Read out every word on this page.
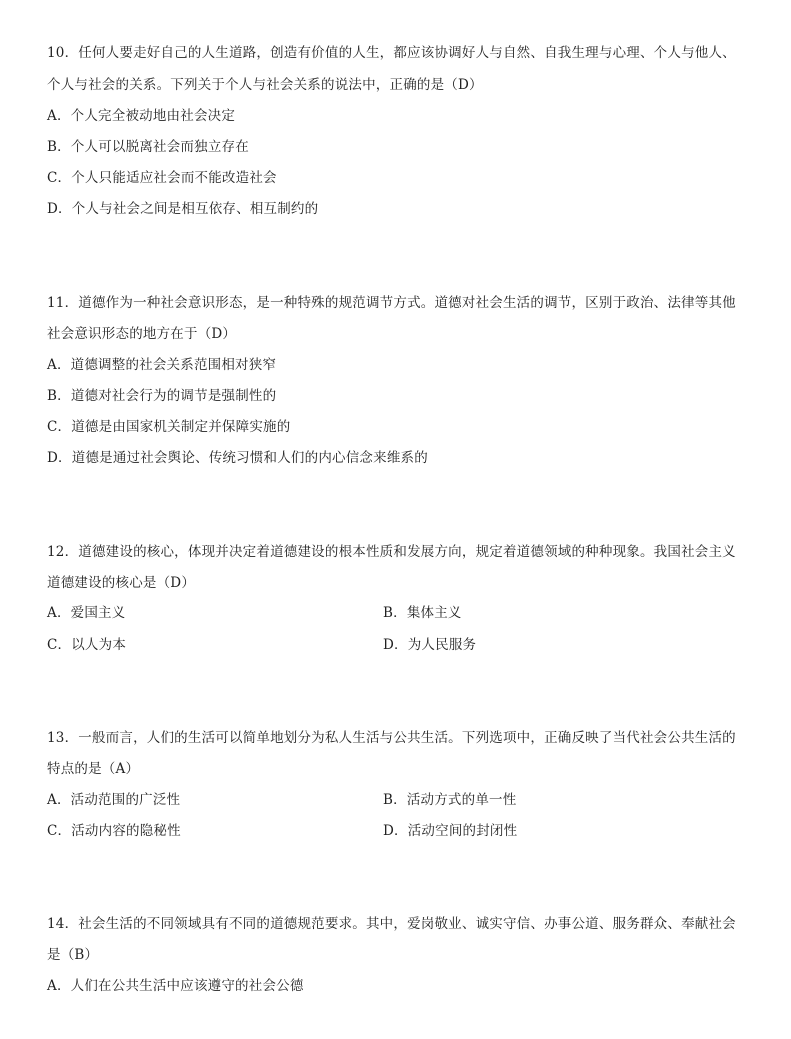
10．任何人要走好自己的人生道路，创造有价值的人生，都应该协调好人与自然、自我生理与心理、个人与他人、
个人与社会的关系。下列关于个人与社会关系的说法中，正确的是（D）
A．个人完全被动地由社会决定
B．个人可以脱离社会而独立存在
C．个人只能适应社会而不能改造社会
D．个人与社会之间是相互依存、相互制约的
11．道德作为一种社会意识形态，是一种特殊的规范调节方式。道德对社会生活的调节，区别于政治、法律等其他
社会意识形态的地方在于（D）
A．道德调整的社会关系范围相对狭窄
B．道德对社会行为的调节是强制性的
C．道德是由国家机关制定并保障实施的
D．道德是通过社会舆论、传统习惯和人们的内心信念来维系的
12．道德建设的核心，体现并决定着道德建设的根本性质和发展方向，规定着道德领域的种种现象。我国社会主义
道德建设的核心是（D）
A．爱国主义	B．集体主义
C．以人为本	D．为人民服务
13．一般而言，人们的生活可以简单地划分为私人生活与公共生活。下列选项中，正确反映了当代社会公共生活的
特点的是（A）
A．活动范围的广泛性	B．活动方式的单一性
C．活动内容的隐秘性	D．活动空间的封闭性
14．社会生活的不同领域具有不同的道德规范要求。其中，爱岗敬业、诚实守信、办事公道、服务群众、奉献社会
是（B）
A．人们在公共生活中应该遵守的社会公德
